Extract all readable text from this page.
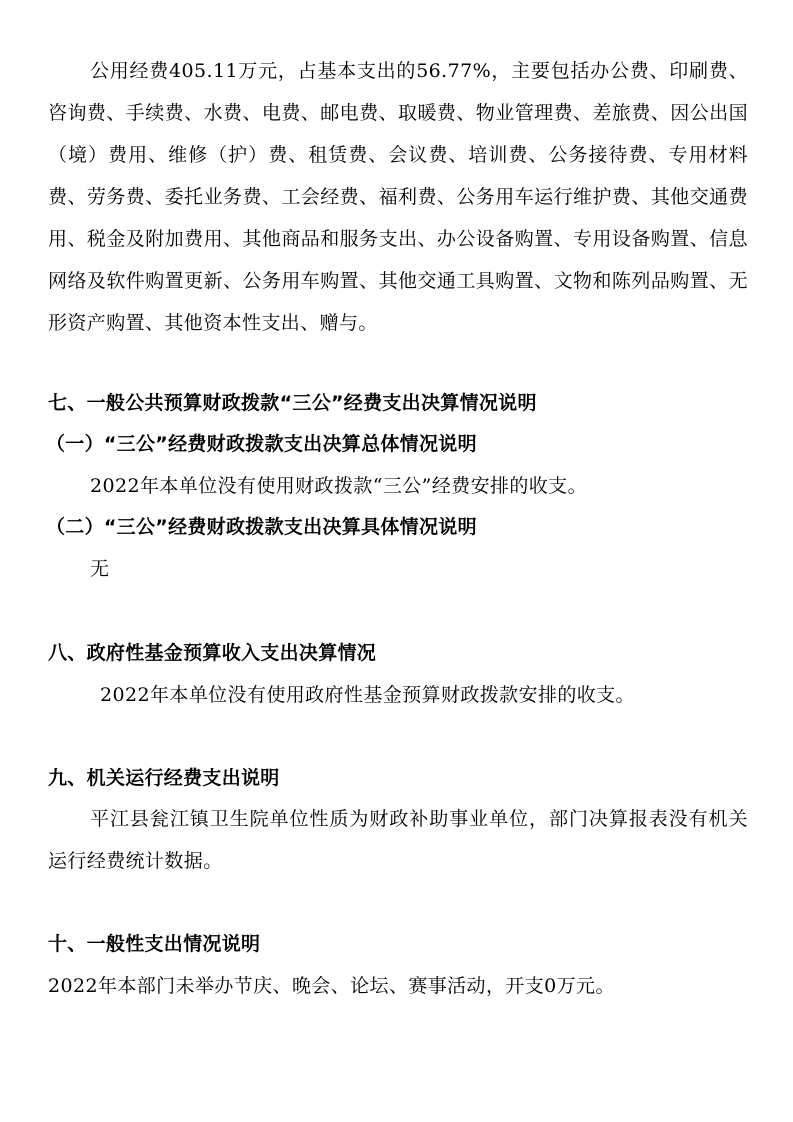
公用经费405.11万元，占基本支出的56.77%，主要包括办公费、印刷费、咨询费、手续费、水费、电费、邮电费、取暖费、物业管理费、差旅费、因公出国（境）费用、维修（护）费、租赁费、会议费、培训费、公务接待费、专用材料费、劳务费、委托业务费、工会经费、福利费、公务用车运行维护费、其他交通费用、税金及附加费用、其他商品和服务支出、办公设备购置、专用设备购置、信息网络及软件购置更新、公务用车购置、其他交通工具购置、文物和陈列品购置、无形资产购置、其他资本性支出、赠与。

七、一般公共预算财政拨款“三公”经费支出决算情况说明
（一）“三公”经费财政拨款支出决算总体情况说明
2022年本单位没有使用财政拨款“三公”经费安排的收支。
（二）“三公”经费财政拨款支出决算具体情况说明
无
八、政府性基金预算收入支出决算情况
2022年本单位没有使用政府性基金预算财政拨款安排的收支。
九、机关运行经费支出说明

平江县瓮江镇卫生院单位性质为财政补助事业单位，部门决算报表没有机关运行经费统计数据。

十、一般性支出情况说明
2022年本部门未举办节庆、晚会、论坛、赛事活动，开支0万元。
